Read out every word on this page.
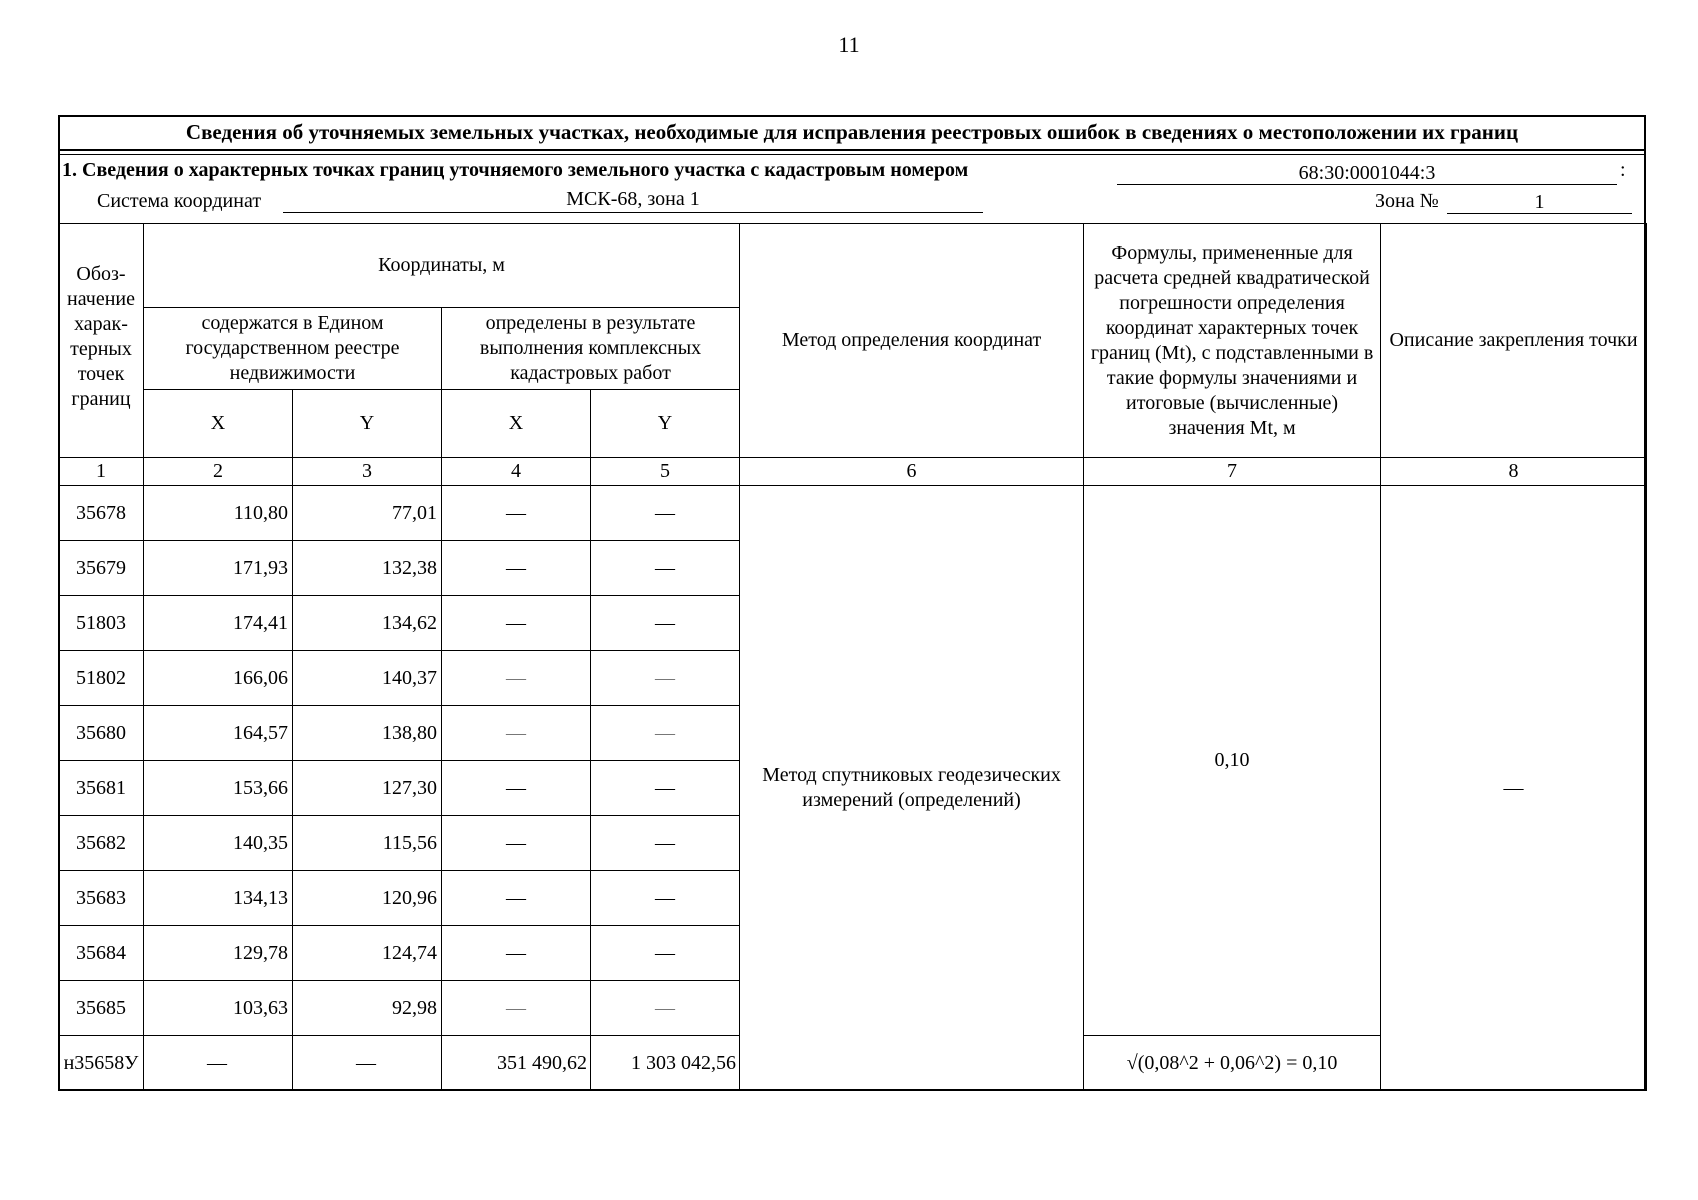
11
Сведения об уточняемых земельных участках, необходимые для исправления реестровых ошибок в сведениях о местоположении их границ
1. Сведения о характерных точках границ уточняемого земельного участка с кадастровым номером	68:30:0001044:3	:
Система координат	МСК-68, зона 1	Зона №	1
Обоз-начение харак-терных точек границ	Координаты, м				Метод определения координат	Формулы, примененные для расчета средней квадратической погрешности определения координат характерных точек границ (Mt), с подставленными в такие формулы значениями и итоговые (вычисленные) значения Mt, м	Описание закрепления точки
	содержатся в Едином государственном реестре недвижимости		определены в результате выполнения комплексных кадастровых работ				
	X	Y	X	Y			
1	2	3	4	5	6	7	8
35678	110,80	77,01	—	—	Метод спутниковых геодезических измерений (определений)	0,10	—
35679	171,93	132,38	—	—			
51803	174,41	134,62	—	—			
51802	166,06	140,37	—	—			
35680	164,57	138,80	—	—			
35681	153,66	127,30	—	—			
35682	140,35	115,56	—	—			
35683	134,13	120,96	—	—			
35684	129,78	124,74	—	—			
35685	103,63	92,98	—	—			
н35658У	—	—	351 490,62	1 303 042,56		√(0,08^2 + 0,06^2) = 0,10	
